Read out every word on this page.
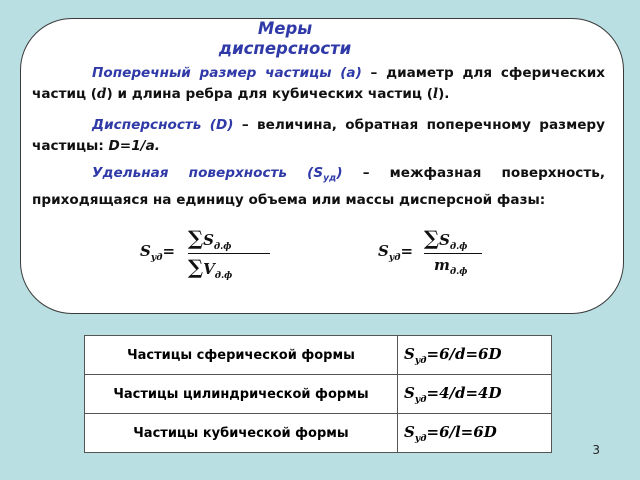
Меры дисперсности
Поперечный размер частицы (а) – диаметр для сферических частиц (d) и длина ребра для кубических частиц (l).
Дисперсность (D) – величина, обратная поперечному размеру частицы: D=1/a.
Удельная поверхность $(S_{уд})$ – межфазная поверхность, приходящаяся на единицу объема или массы дисперсной фазы:
$S_{уд}=$
$\sum S_{д.ф}$
$\sum V_{д.ф}$
$S_{уд}=$
$\sum S_{д.ф}$
$m_{д.ф}$
Частицы сферической формы	$S_{уд}=6/d=6D$
Частицы цилиндрической формы	$S_{уд}=4/d=4D$
Частицы кубической формы	$S_{уд}=6/l=6D$
3
